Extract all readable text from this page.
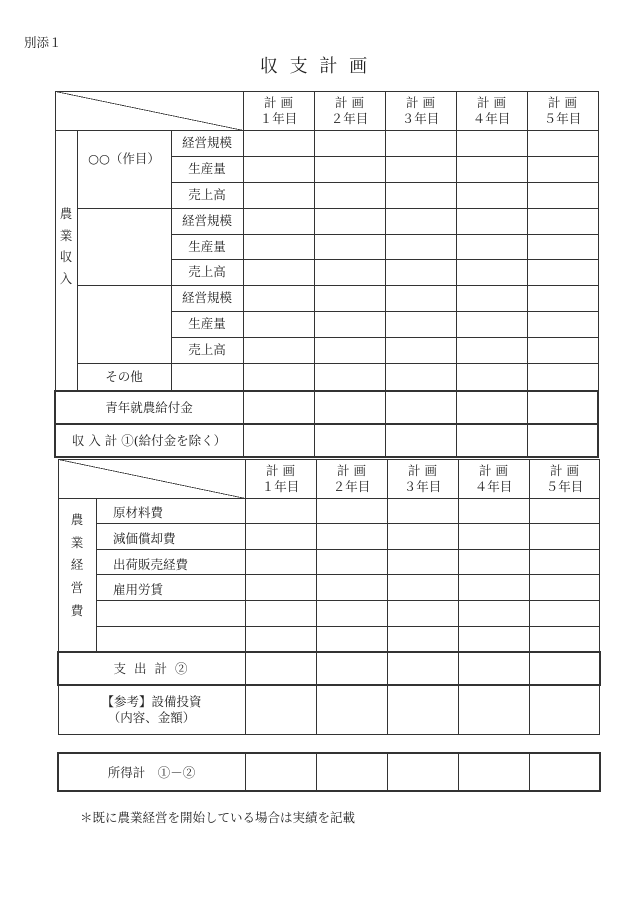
別添１
収 支 計 画
計 画
１年目
計 画
２年目
計 画
３年目
計 画
４年目
計 画
５年目
農
業
収
入
○○（作目）
経営規模
生産量
売上高
経営規模
生産量
売上高
経営規模
生産量
売上高
その他
青年就農給付金
収 入 計 ①(給付金を除く）
計 画
１年目
計 画
２年目
計 画
３年目
計 画
４年目
計 画
５年目
農
業
経
営
費
原材料費
減価償却費
出荷販売経費
雇用労賃
支 出 計 ②
【参考】設備投資
（内容、金額）
所得計　①－②
＊既に農業経営を開始している場合は実績を記載
